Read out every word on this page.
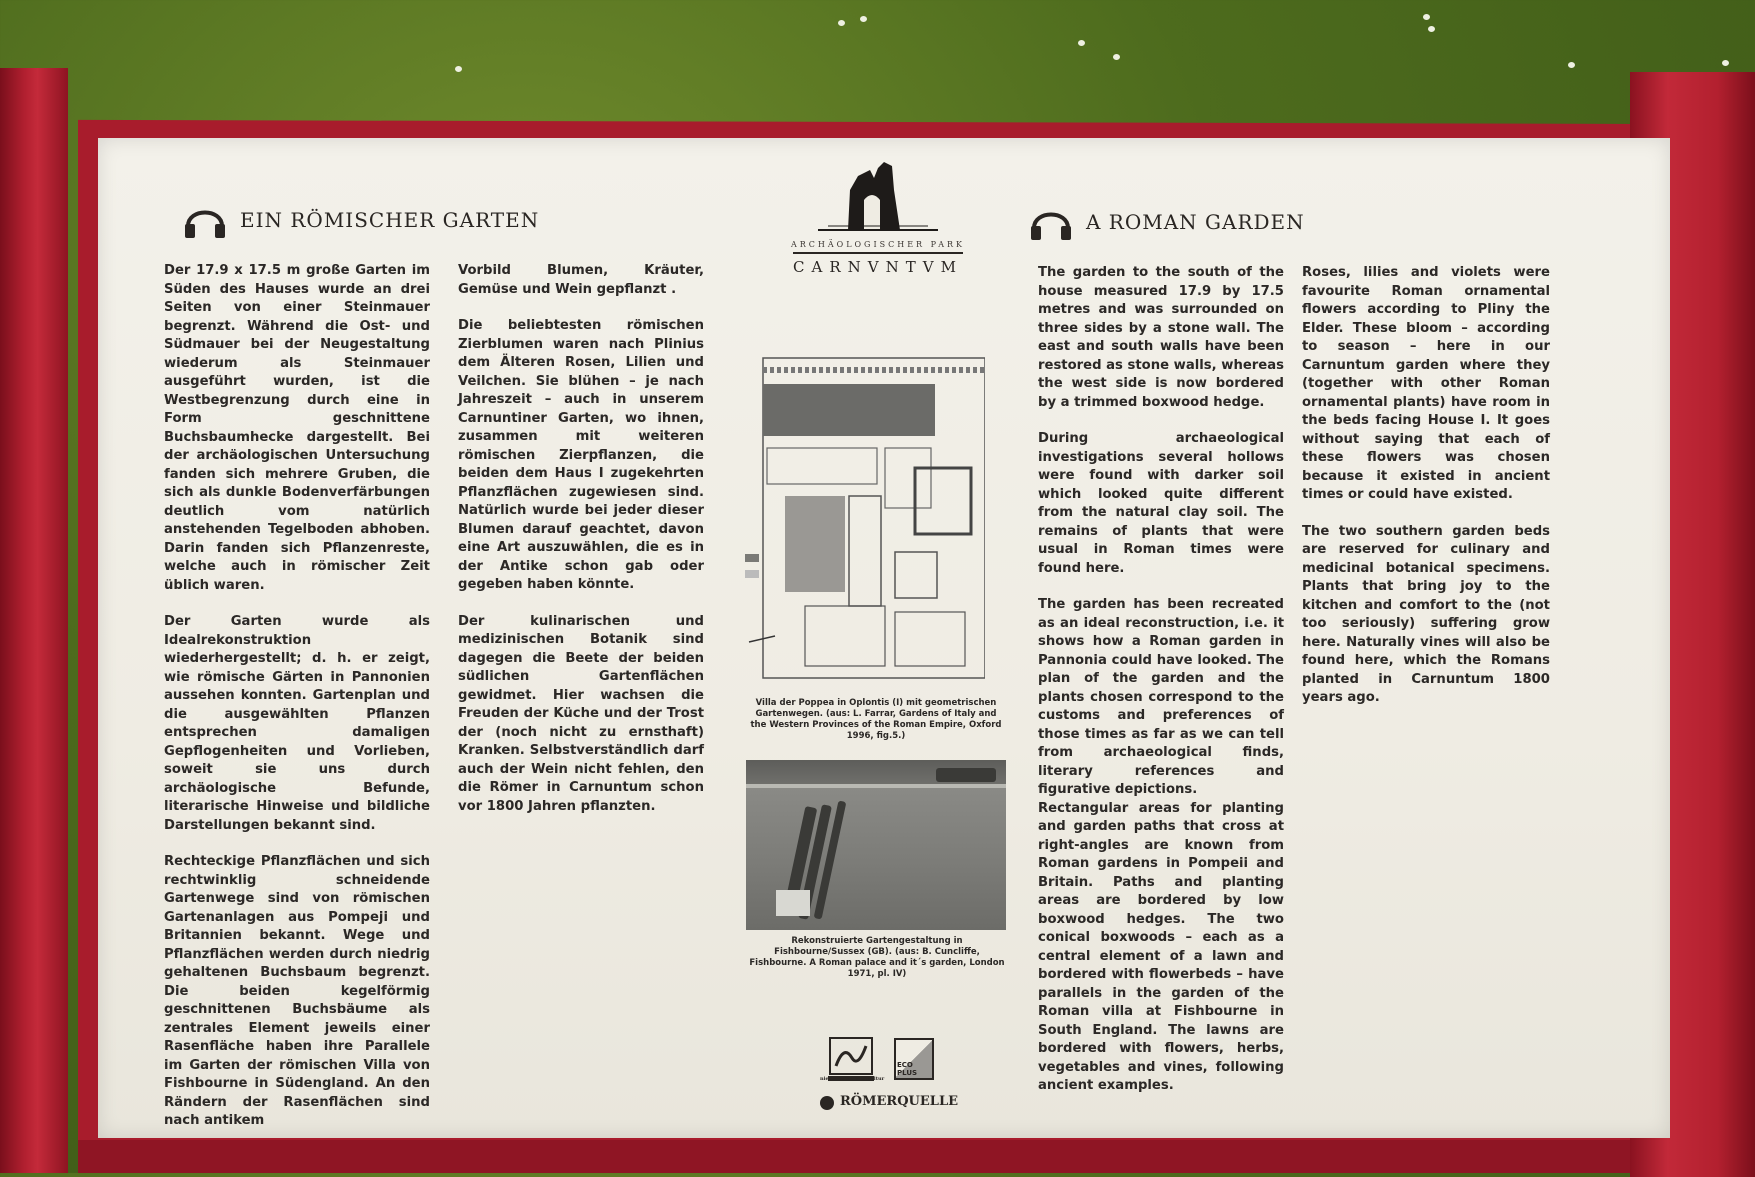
EIN RÖMISCHER GARTEN

Der 17.9 x 17.5 m große Garten im Süden des Hauses wurde an drei Seiten von einer Steinmauer begrenzt. Während die Ost- und Südmauer bei der Neugestaltung wiederum als Steinmauer ausgeführt wurden, ist die Westbegrenzung durch eine in Form geschnittene Buchsbaumhecke dargestellt. Bei der archäologischen Untersuchung fanden sich mehrere Gruben, die sich als dunkle Bodenverfärbungen deutlich vom natürlich anstehenden Tegelboden abhoben. Darin fanden sich Pflanzenreste, welche auch in römischer Zeit üblich waren.

Der Garten wurde als Idealrekonstruktion wiederhergestellt; d. h. er zeigt, wie römische Gärten in Pannonien aussehen konnten. Gartenplan und die ausgewählten Pflanzen entsprechen damaligen Gepflogenheiten und Vorlieben, soweit sie uns durch archäologische Befunde, literarische Hinweise und bildliche Darstellungen bekannt sind.

Rechteckige Pflanzflächen und sich rechtwinklig schneidende Gartenwege sind von römischen Gartenanlagen aus Pompeji und Britannien bekannt. Wege und Pflanzflächen werden durch niedrig gehaltenen Buchsbaum begrenzt. Die beiden kegelförmig geschnittenen Buchsbäume als zentrales Element jeweils einer Rasenfläche haben ihre Parallele im Garten der römischen Villa von Fishbourne in Südengland. An den Rändern der Rasenflächen sind nach antikem

Vorbild Blumen, Kräuter, Gemüse und Wein gepflanzt .

Die beliebtesten römischen Zierblumen waren nach Plinius dem Älteren Rosen, Lilien und Veilchen. Sie blühen – je nach Jahreszeit – auch in unserem Carnuntiner Garten, wo ihnen, zusammen mit weiteren römischen Zierpflanzen, die beiden dem Haus I zugekehrten Pflanzflächen zugewiesen sind. Natürlich wurde bei jeder dieser Blumen darauf geachtet, davon eine Art auszuwählen, die es in der Antike schon gab oder gegeben haben könnte.

Der kulinarischen und medizinischen Botanik sind dagegen die Beete der beiden südlichen Gartenflächen gewidmet. Hier wachsen die Freuden der Küche und der Trost der (noch nicht zu ernsthaft) Kranken. Selbstverständlich darf auch der Wein nicht fehlen, den die Römer in Carnuntum schon vor 1800 Jahren pflanzten.

ARCHÄOLOGISCHER PARK
CARNVNTVM
Villa der Poppea in Oplontis (I) mit geometrischen Gartenwegen. (aus: L. Farrar, Gardens of Italy and the Western Provinces of the Roman Empire, Oxford 1996, fig.5.)
Rekonstruierte Gartengestaltung in Fishbourne/Sussex (GB). (aus: B. Cuncliffe, Fishbourne. A Roman palace and it´s garden, London 1971, pl. IV)
niederösterreichkultur
ECO PLUS
RÖMERQUELLE
A ROMAN GARDEN

The garden to the south of the house measured 17.9 by 17.5 metres and was surrounded on three sides by a stone wall. The east and south walls have been restored as stone walls, whereas the west side is now bordered by a trimmed boxwood hedge.

During archaeological investigations several hollows were found with darker soil which looked quite different from the natural clay soil. The remains of plants that were usual in Roman times were found here.

The garden has been recreated as an ideal reconstruction, i.e. it shows how a Roman garden in Pannonia could have looked. The plan of the garden and the plants chosen correspond to the customs and preferences of those times as far as we can tell from archaeological finds, literary references and figurative depictions.

Rectangular areas for planting and garden paths that cross at right-angles are known from Roman gardens in Pompeii and Britain. Paths and planting areas are bordered by low boxwood hedges. The two conical boxwoods – each as a central element of a lawn and bordered with flowerbeds – have parallels in the garden of the Roman villa at Fishbourne in South England. The lawns are bordered with flowers, herbs, vegetables and vines, following ancient examples.

Roses, lilies and violets were favourite Roman ornamental flowers according to Pliny the Elder. These bloom – according to season – here in our Carnuntum garden where they (together with other Roman ornamental plants) have room in the beds facing House I. It goes without saying that each of these flowers was chosen because it existed in ancient times or could have existed.

The two southern garden beds are reserved for culinary and medicinal botanical specimens. Plants that bring joy to the kitchen and comfort to the (not too seriously) suffering grow here. Naturally vines will also be found here, which the Romans planted in Carnuntum 1800 years ago.
